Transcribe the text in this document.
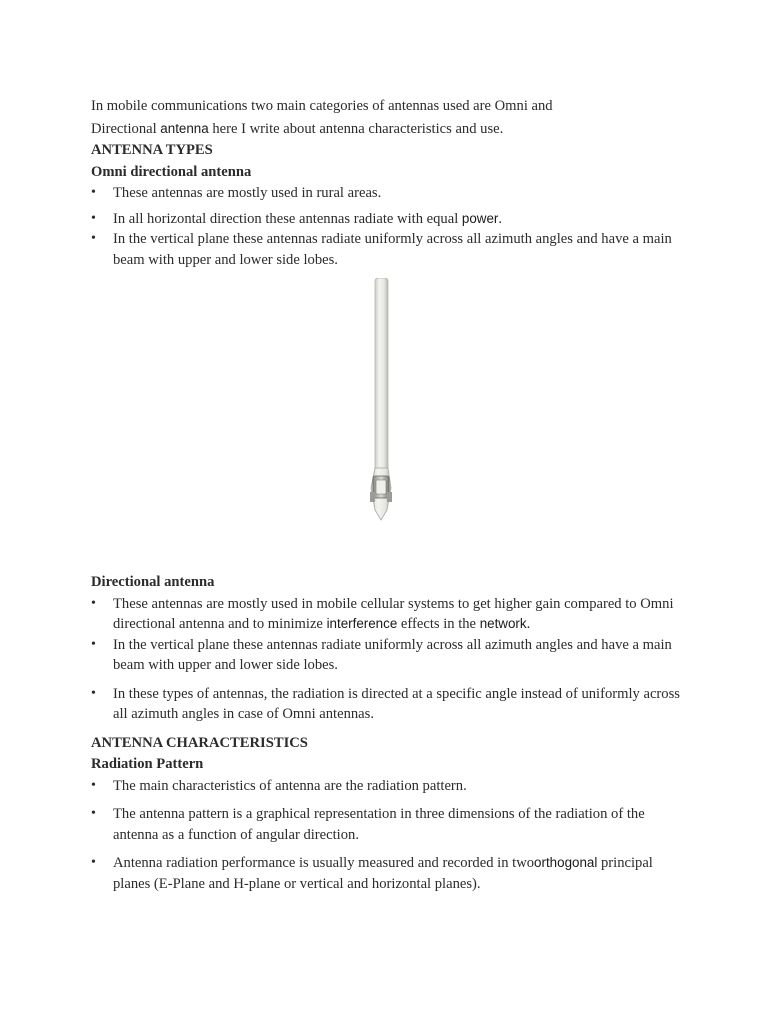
In mobile communications two main categories of antennas used are Omni and
Directional antenna here I write about antenna characteristics and use.

ANTENNA TYPES

Omni directional antenna

• These antennas are mostly used in rural areas.
• In all horizontal direction these antennas radiate with equal power.
• In the vertical plane these antennas radiate uniformly across all azimuth angles and have a main beam with upper and lower side lobes.

Directional antenna

• These antennas are mostly used in mobile cellular systems to get higher gain compared to Omni directional antenna and to minimize interference effects in the network.
• In the vertical plane these antennas radiate uniformly across all azimuth angles and have a main beam with upper and lower side lobes.
• In these types of antennas, the radiation is directed at a specific angle instead of uniformly across all azimuth angles in case of Omni antennas.

ANTENNA CHARACTERISTICS

Radiation Pattern

• The main characteristics of antenna are the radiation pattern.
• The antenna pattern is a graphical representation in three dimensions of the radiation of the antenna as a function of angular direction.
• Antenna radiation performance is usually measured and recorded in twoorthogonal principal planes (E-Plane and H-plane or vertical and horizontal planes).
